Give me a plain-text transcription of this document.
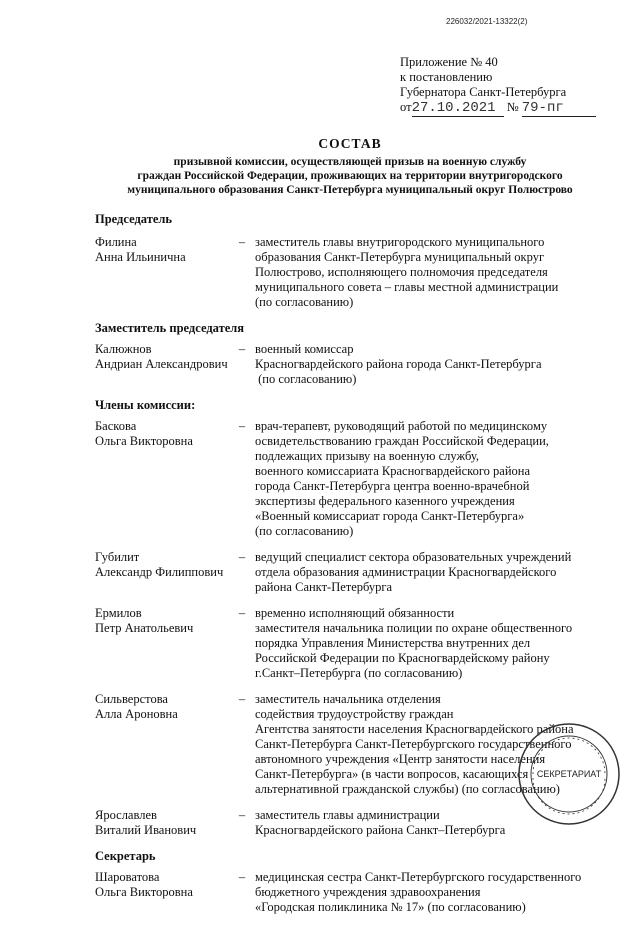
226032/2021-13322(2)
Приложение № 40
к постановлению
Губернатора Санкт-Петербурга
от27.10.2021 № 79-пг
СОСТАВ
призывной комиссии, осуществляющей призыв на военную службу
граждан Российской Федерации, проживающих на территории внутригородского
муниципального образования Санкт-Петербурга муниципальный округ Полюстрово
Председатель
Филина
Анна Ильинична
– заместитель главы внутригородского муниципального
образования Санкт-Петербурга муниципальный округ
Полюстрово, исполняющего полномочия председателя
муниципального совета – главы местной администрации
(по согласованию)
Заместитель председателя
Калюжнов
Андриан Александрович
– военный комиссар
Красногвардейского района города Санкт-Петербурга
(по согласованию)
Члены комиссии:
Баскова
Ольга Викторовна
– врач-терапевт, руководящий работой по медицинскому
освидетельствованию граждан Российской Федерации,
подлежащих призыву на военную службу,
военного комиссариата Красногвардейского района
города Санкт-Петербурга центра военно-врачебной
экспертизы федерального казенного учреждения
«Военный комиссариат города Санкт-Петербурга»
(по согласованию)
Губилит
Александр Филиппович
– ведущий специалист сектора образовательных учреждений
отдела образования администрации Красногвардейского
района Санкт-Петербурга
Ермилов
Петр Анатольевич
– временно исполняющий обязанности
заместителя начальника полиции по охране общественного
порядка Управления Министерства внутренних дел
Российской Федерации по Красногвардейскому району
г.Санкт–Петербурга (по согласованию)
Сильверстова
Алла Ароновна
– заместитель начальника отделения
содействия трудоустройству граждан
Агентства занятости населения Красногвардейского района
Санкт-Петербурга Санкт-Петербургского государственного
автономного учреждения «Центр занятости населения
Санкт-Петербурга» (в части вопросов, касающихся
альтернативной гражданской службы) (по согласованию)
Ярославлев
Виталий Иванович
– заместитель главы администрации
Красногвардейского района Санкт–Петербурга
Секретарь
Шароватова
Ольга Викторовна
– медицинская сестра Санкт-Петербургского государственного
бюджетного учреждения здравоохранения
«Городская поликлиника № 17» (по согласованию)
СЕКРЕТАРИАТ
